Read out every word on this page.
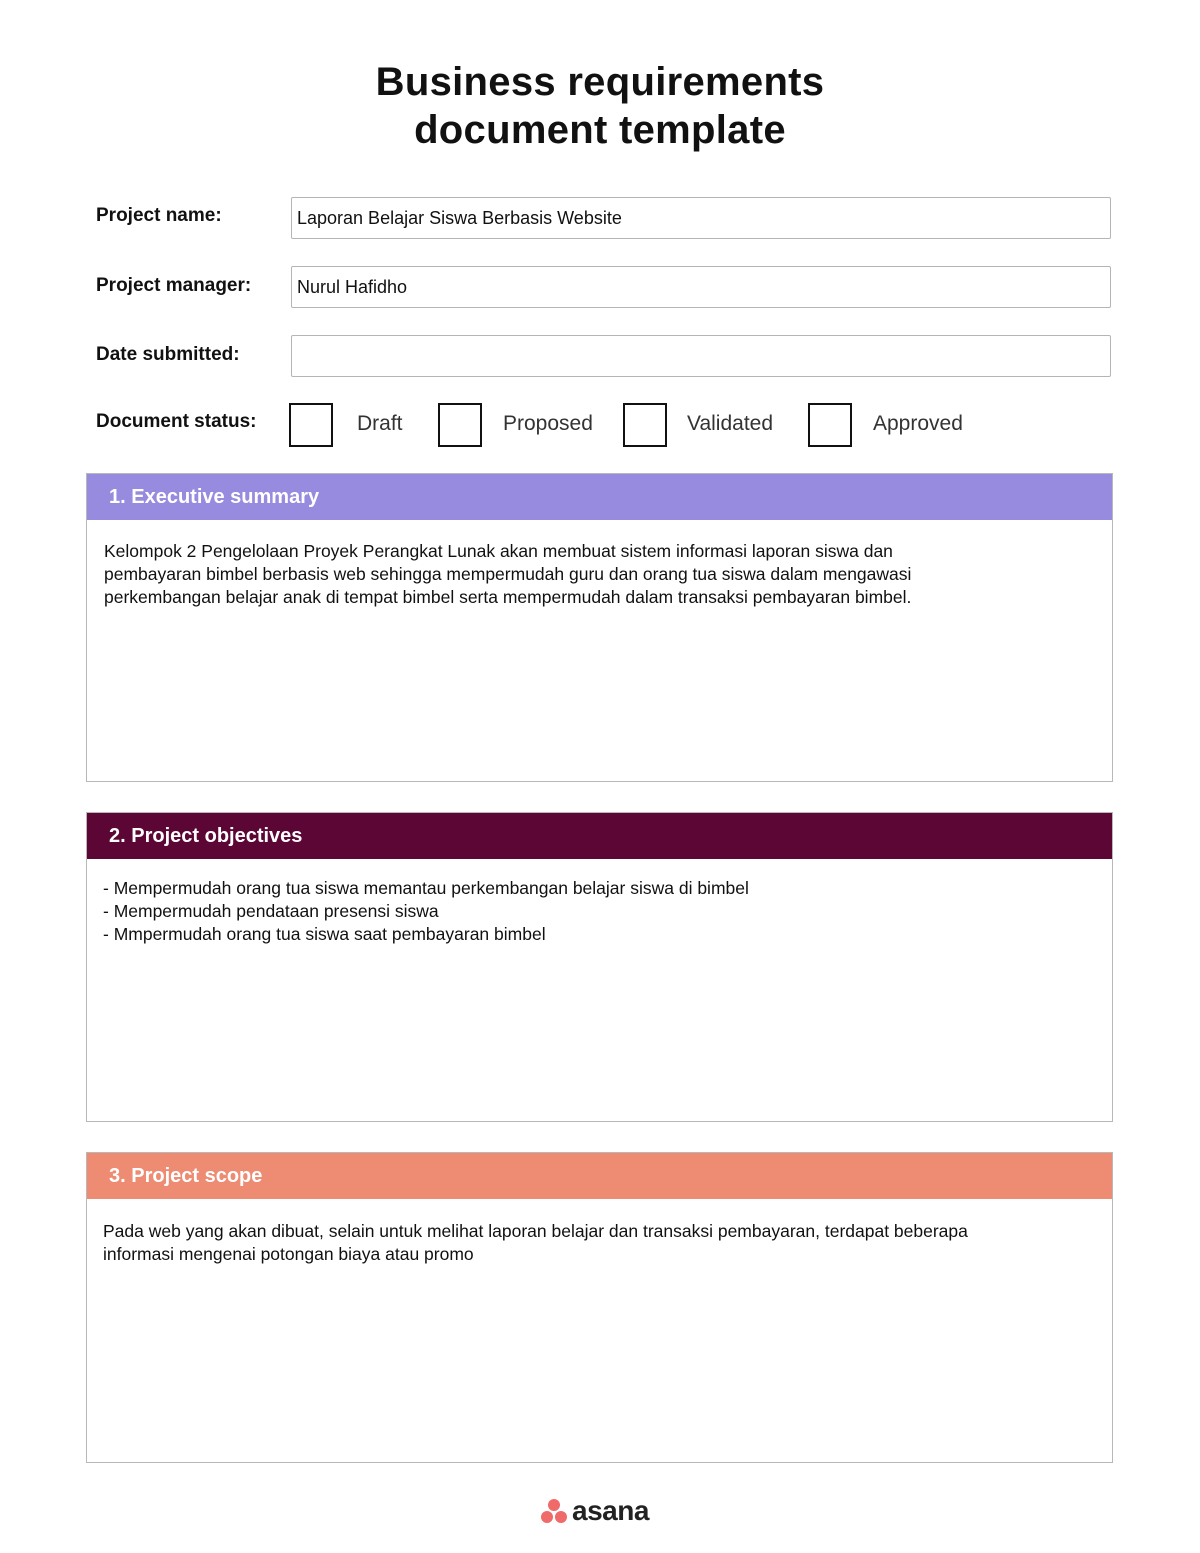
Business requirements
document template
Project name:	Laporan Belajar Siswa Berbasis Website
Project manager:	Nurul Hafidho
Date submitted:
Document status:	Draft	Proposed	Validated	Approved
1. Executive summary
Kelompok 2 Pengelolaan Proyek Perangkat Lunak akan membuat sistem informasi laporan siswa dan
pembayaran bimbel berbasis web sehingga mempermudah guru dan orang tua siswa dalam mengawasi
perkembangan belajar anak di tempat bimbel serta mempermudah dalam transaksi pembayaran bimbel.
2. Project objectives
- Mempermudah orang tua siswa memantau perkembangan belajar siswa di bimbel
- Mempermudah pendataan presensi siswa
- Mmpermudah orang tua siswa saat pembayaran bimbel
3. Project scope
Pada web yang akan dibuat, selain untuk melihat laporan belajar dan transaksi pembayaran, terdapat beberapa
informasi mengenai potongan biaya atau promo
asana
